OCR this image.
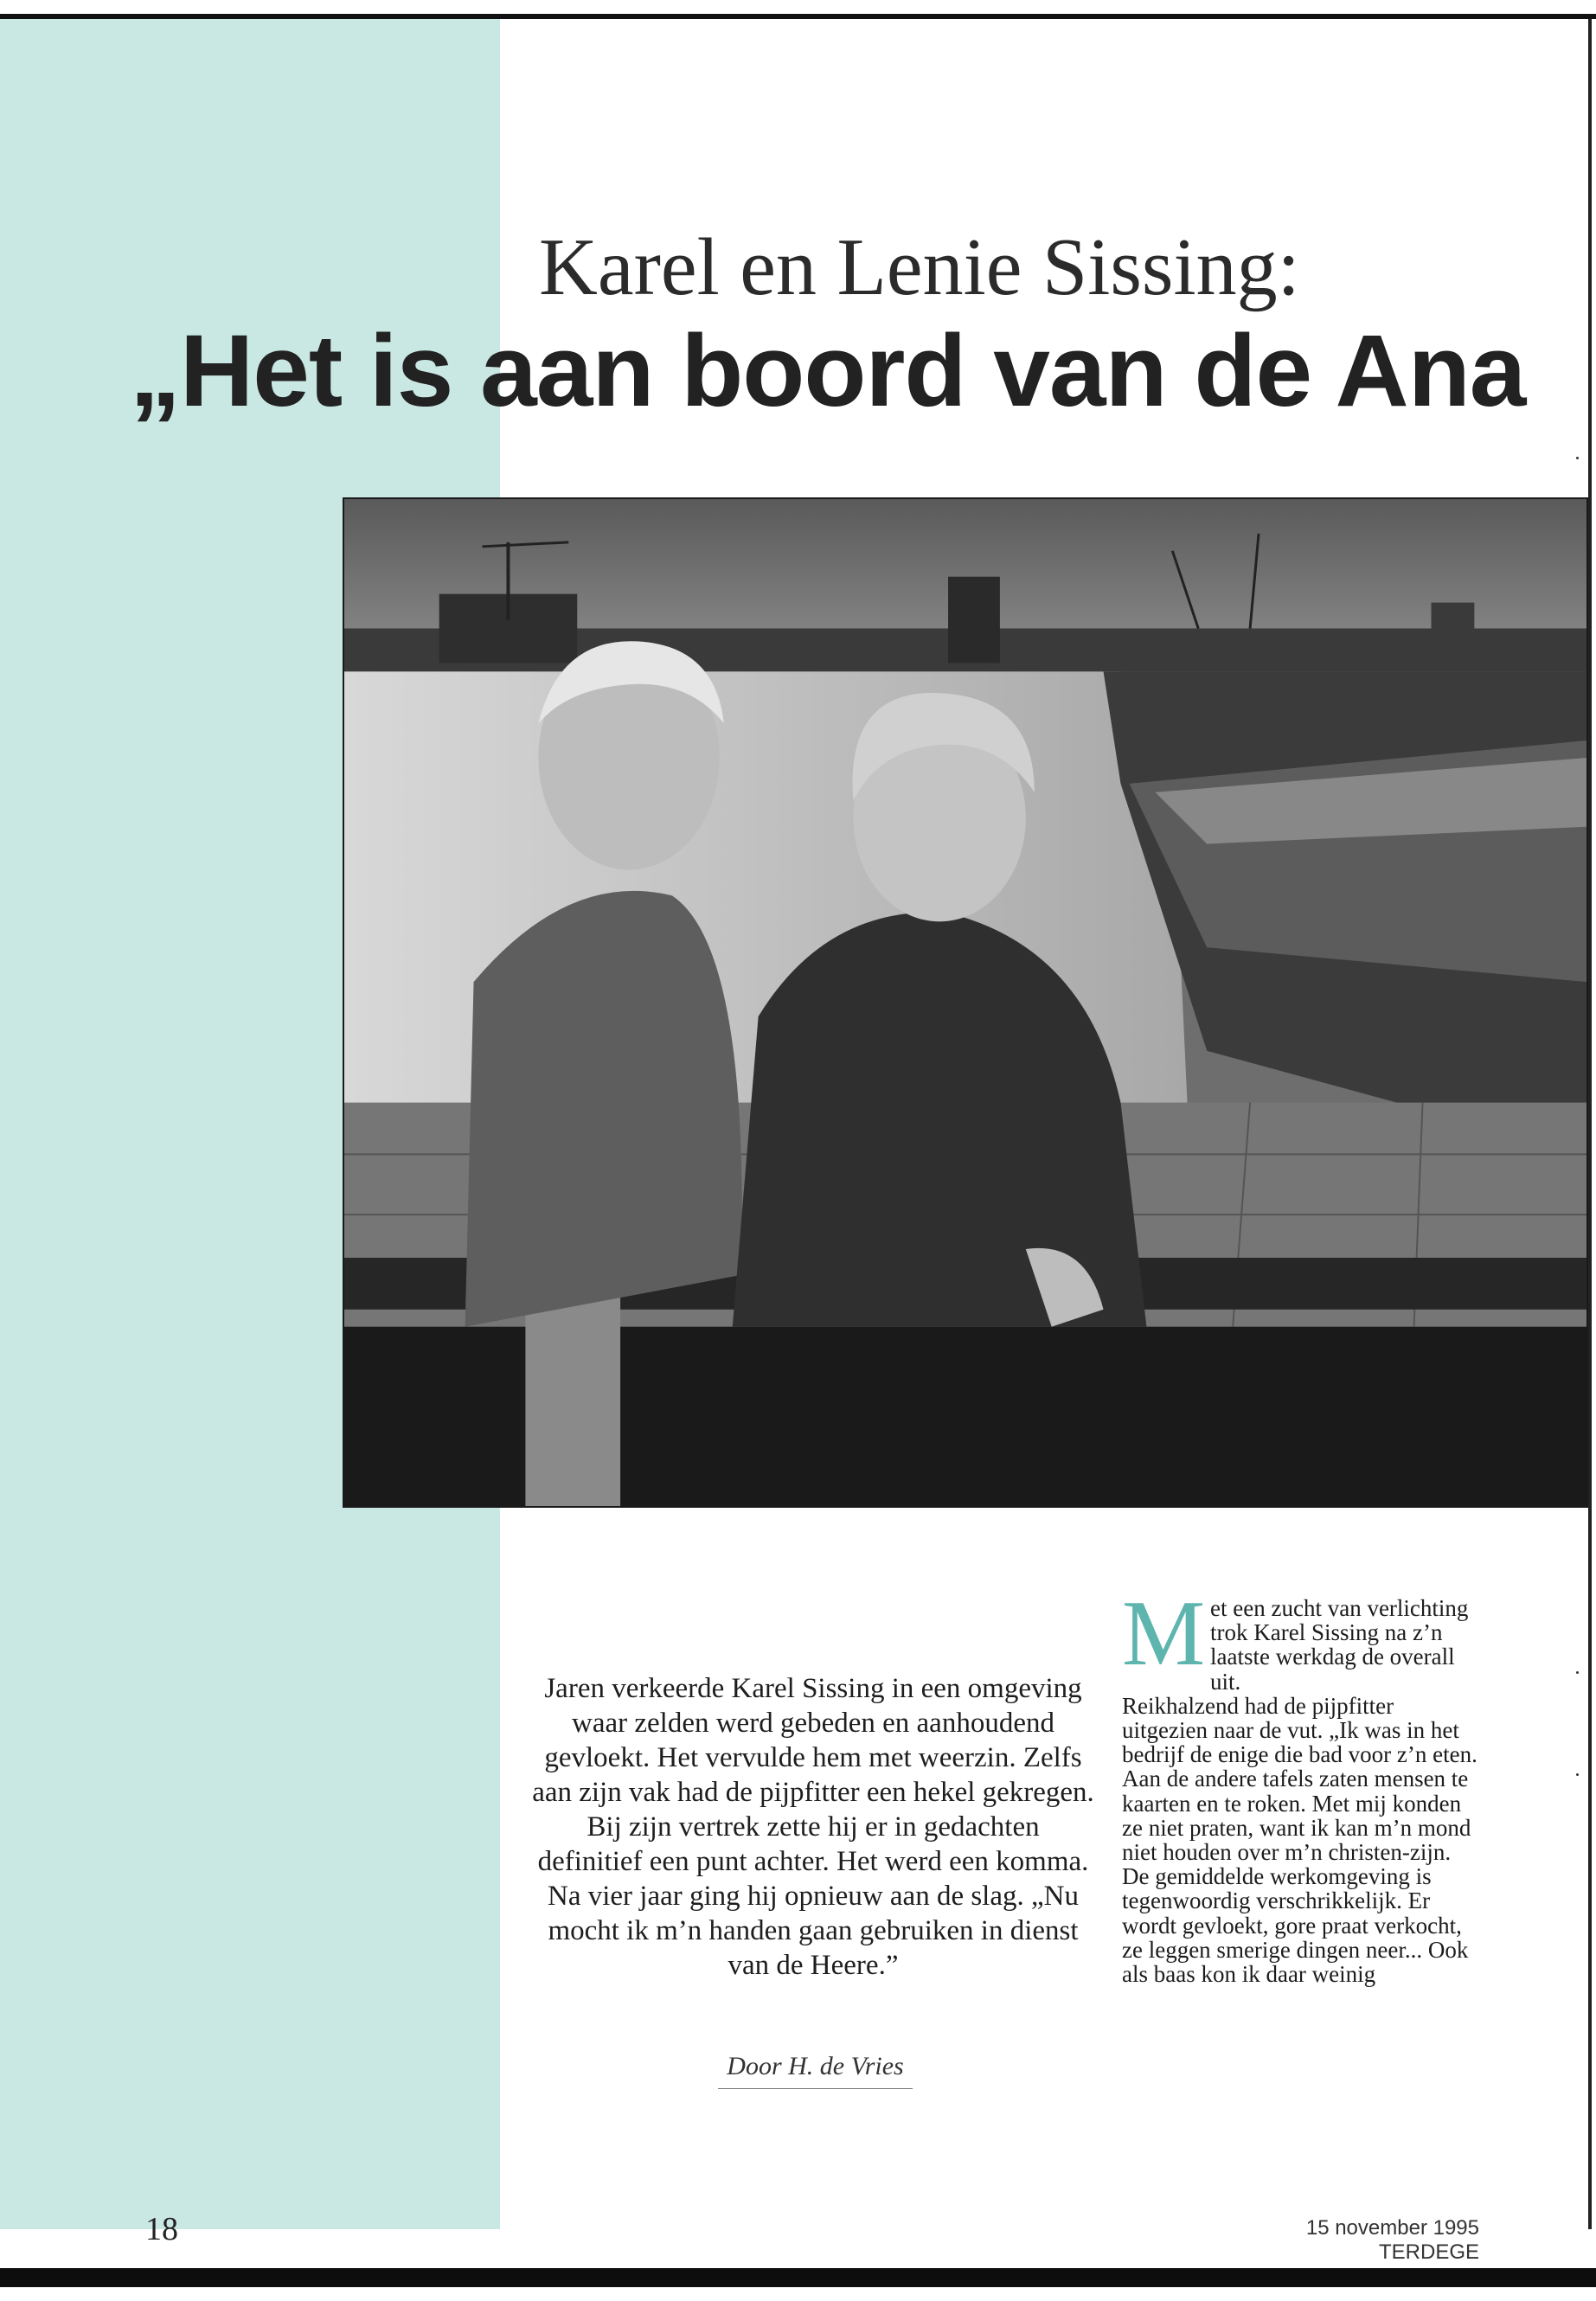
Karel en Lenie Sissing:
„Het is aan boord van de Ana
Jaren verkeerde Karel Sissing in een omgeving waar zelden werd gebeden en aanhoudend gevloekt. Het vervulde hem met weerzin. Zelfs aan zijn vak had de pijpfitter een hekel gekregen. Bij zijn vertrek zette hij er in gedachten definitief een punt achter. Het werd een komma. Na vier jaar ging hij opnieuw aan de slag. „Nu mocht ik m’n handen gaan gebruiken in dienst van de Heere.”
Door H. de Vries
M et een zucht van verlichting trok Karel Sissing na z’n laatste werkdag de overall uit.

Reikhalzend had de pijpfitter uitgezien naar de vut. „Ik was in het bedrijf de enige die bad voor z’n eten. Aan de andere tafels zaten mensen te kaarten en te roken. Met mij konden ze niet praten, want ik kan m’n mond niet houden over m’n christen-zijn. De gemiddelde werkomgeving is tegenwoordig verschrikkelijk. Er wordt gevloekt, gore praat verkocht, ze leggen smerige dingen neer... Ook als baas kon ik daar weinig

18	15 november 1995 TERDEGE
